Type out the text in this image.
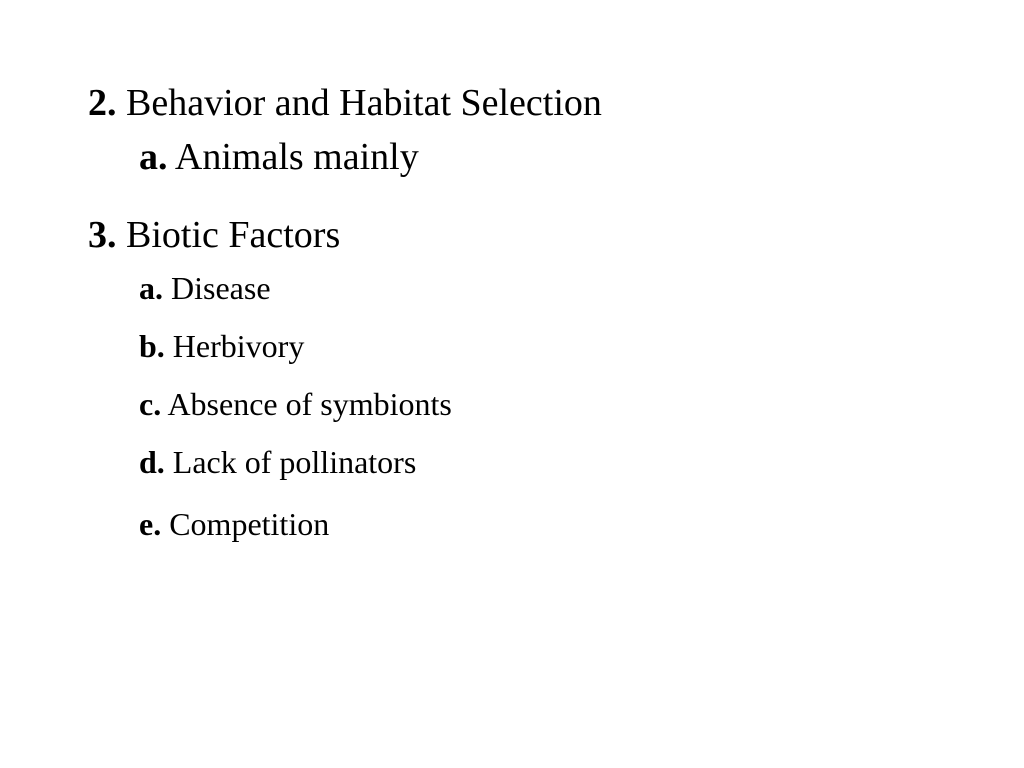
2. Behavior and Habitat Selection
a. Animals mainly
3. Biotic Factors
a. Disease
b. Herbivory
c. Absence of symbionts
d. Lack of pollinators
e. Competition
